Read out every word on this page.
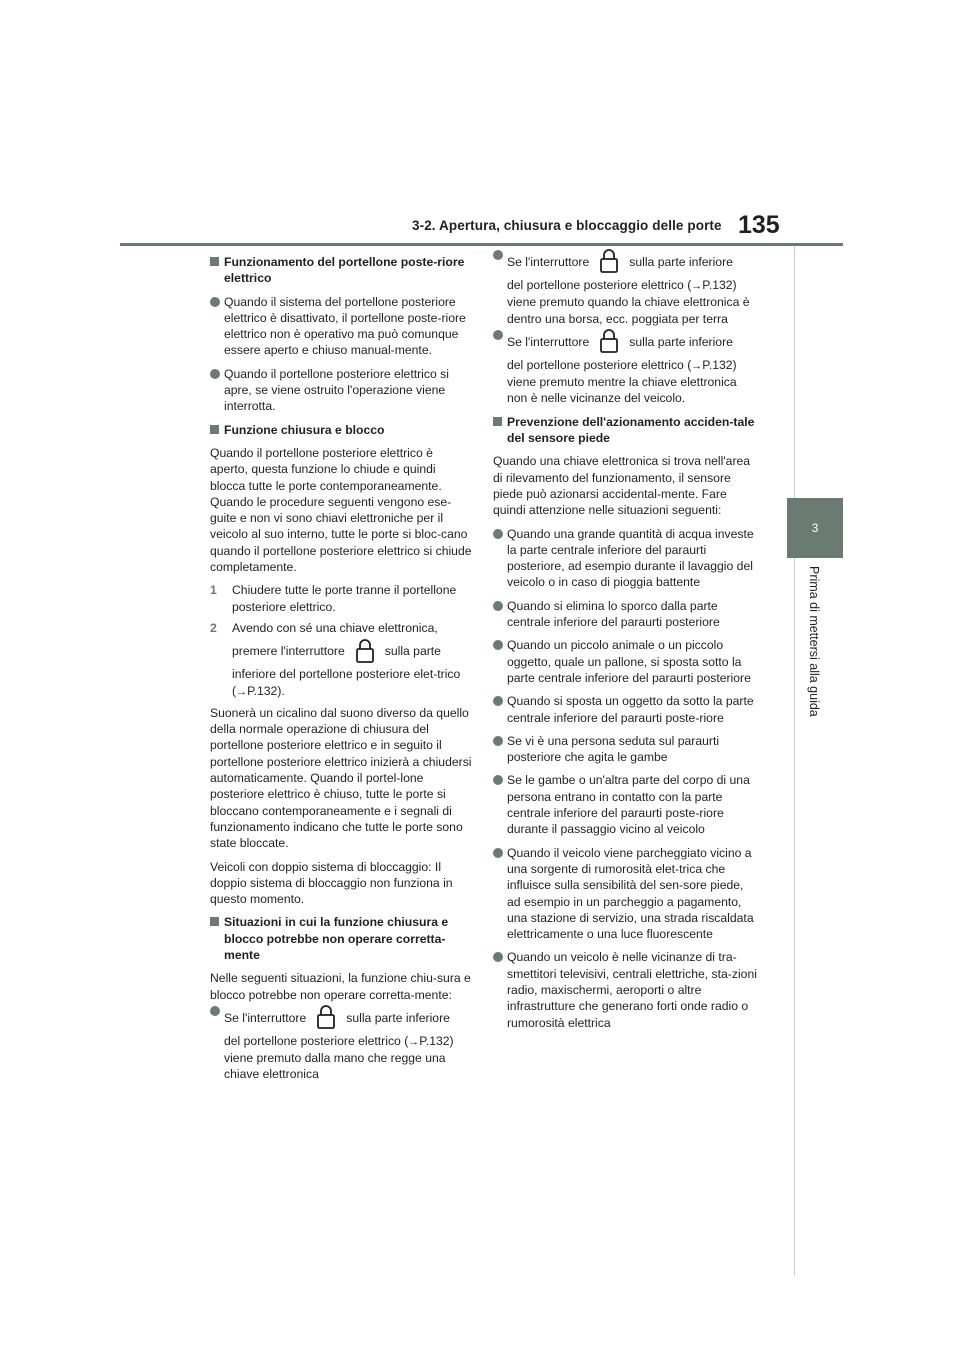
3-2. Apertura, chiusura e bloccaggio delle porte 135
3
Prima di mettersi alla guida
Funzionamento del portellone poste-riore elettrico
Quando il sistema del portellone posteriore elettrico è disattivato, il portellone poste-riore elettrico non è operativo ma può comunque essere aperto e chiuso manual-mente.
Quando il portellone posteriore elettrico si apre, se viene ostruito l'operazione viene interrotta.
Funzione chiusura e blocco
Quando il portellone posteriore elettrico è aperto, questa funzione lo chiude e quindi blocca tutte le porte contemporaneamente. Quando le procedure seguenti vengono ese-guite e non vi sono chiavi elettroniche per il veicolo al suo interno, tutte le porte si bloc-cano quando il portellone posteriore elettrico si chiude completamente.
1 Chiudere tutte le porte tranne il portellone posteriore elettrico.
2 Avendo con sé una chiave elettronica,
premere l'interruttore	sulla parte
inferiore del portellone posteriore elet-trico (→P.132).
Suonerà un cicalino dal suono diverso da quello della normale operazione di chiusura del portellone posteriore elettrico e in seguito il portellone posteriore elettrico inizierà a chiudersi automaticamente. Quando il portel-lone posteriore elettrico è chiuso, tutte le porte si bloccano contemporaneamente e i segnali di funzionamento indicano che tutte le porte sono state bloccate.
Veicoli con doppio sistema di bloccaggio: Il doppio sistema di bloccaggio non funziona in questo momento.
Situazioni in cui la funzione chiusura e blocco potrebbe non operare corretta-mente
Nelle seguenti situazioni, la funzione chiu-sura e blocco potrebbe non operare corretta-mente:
Se l'interruttore	sulla parte inferiore
del portellone posteriore elettrico (→P.132) viene premuto dalla mano che regge una chiave elettronica
Se l'interruttore	sulla parte inferiore
del portellone posteriore elettrico (→P.132) viene premuto quando la chiave elettronica è dentro una borsa, ecc. poggiata per terra
Se l'interruttore	sulla parte inferiore
del portellone posteriore elettrico (→P.132) viene premuto mentre la chiave elettronica non è nelle vicinanze del veicolo.
Prevenzione dell'azionamento acciden-tale del sensore piede
Quando una chiave elettronica si trova nell'area di rilevamento del funzionamento, il sensore piede può azionarsi accidental-mente. Fare quindi attenzione nelle situazioni seguenti:
Quando una grande quantità di acqua investe la parte centrale inferiore del paraurti posteriore, ad esempio durante il lavaggio del veicolo o in caso di pioggia battente
Quando si elimina lo sporco dalla parte centrale inferiore del paraurti posteriore
Quando un piccolo animale o un piccolo oggetto, quale un pallone, si sposta sotto la parte centrale inferiore del paraurti posteriore
Quando si sposta un oggetto da sotto la parte centrale inferiore del paraurti poste-riore
Se vi è una persona seduta sul paraurti posteriore che agita le gambe
Se le gambe o un'altra parte del corpo di una persona entrano in contatto con la parte centrale inferiore del paraurti poste-riore durante il passaggio vicino al veicolo
Quando il veicolo viene parcheggiato vicino a una sorgente di rumorosità elet-trica che influisce sulla sensibilità del sen-sore piede, ad esempio in un parcheggio a pagamento, una stazione di servizio, una strada riscaldata elettricamente o una luce fluorescente
Quando un veicolo è nelle vicinanze di tra-smettitori televisivi, centrali elettriche, sta-zioni radio, maxischermi, aeroporti o altre infrastrutture che generano forti onde radio o rumorosità elettrica
